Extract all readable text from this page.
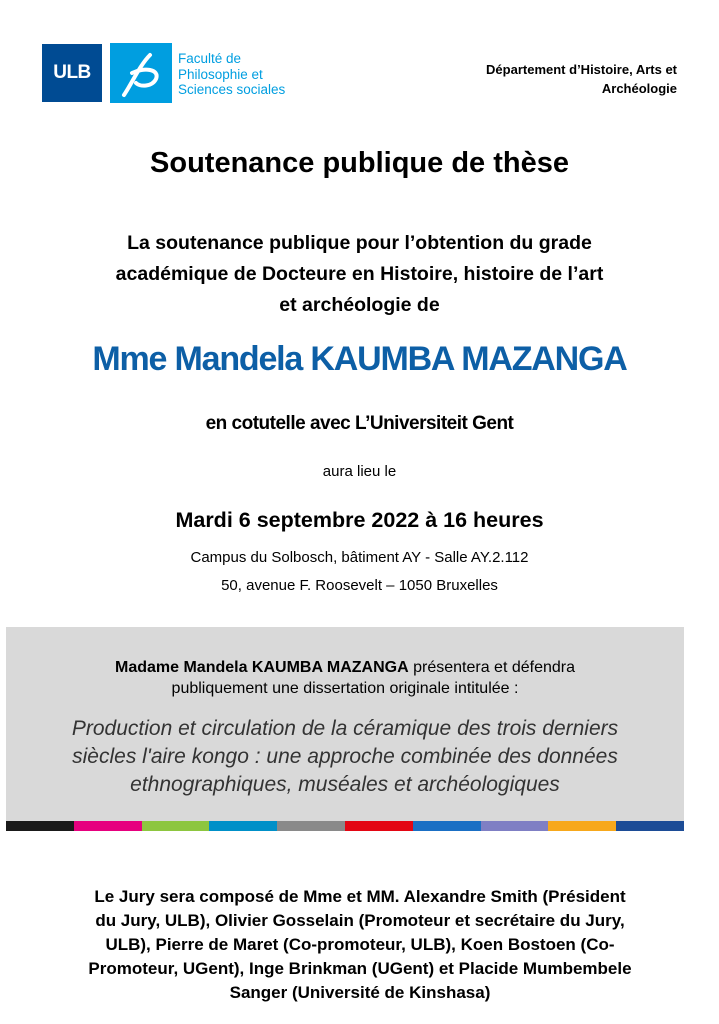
ULB
Faculté de
Philosophie et
Sciences sociales
Département d’Histoire, Arts et
Archéologie
Soutenance publique de thèse
La soutenance publique pour l’obtention du grade
académique de Docteure en Histoire, histoire de l’art
et archéologie de
Mme Mandela KAUMBA MAZANGA
en cotutelle avec L’Universiteit Gent
aura lieu le
Mardi 6 septembre 2022 à 16 heures
Campus du Solbosch, bâtiment AY - Salle AY.2.112
50, avenue F. Roosevelt – 1050 Bruxelles
Madame Mandela KAUMBA MAZANGA présentera et défendra
publiquement une dissertation originale intitulée :
Production et circulation de la céramique des trois derniers
siècles l'aire kongo : une approche combinée des données
ethnographiques, muséales et archéologiques
Le Jury sera composé de Mme et MM. Alexandre Smith (Président
du Jury, ULB), Olivier Gosselain (Promoteur et secrétaire du Jury,
ULB), Pierre de Maret (Co-promoteur, ULB), Koen Bostoen (Co-
Promoteur, UGent), Inge Brinkman (UGent) et Placide Mumbembele
Sanger (Université de Kinshasa)
